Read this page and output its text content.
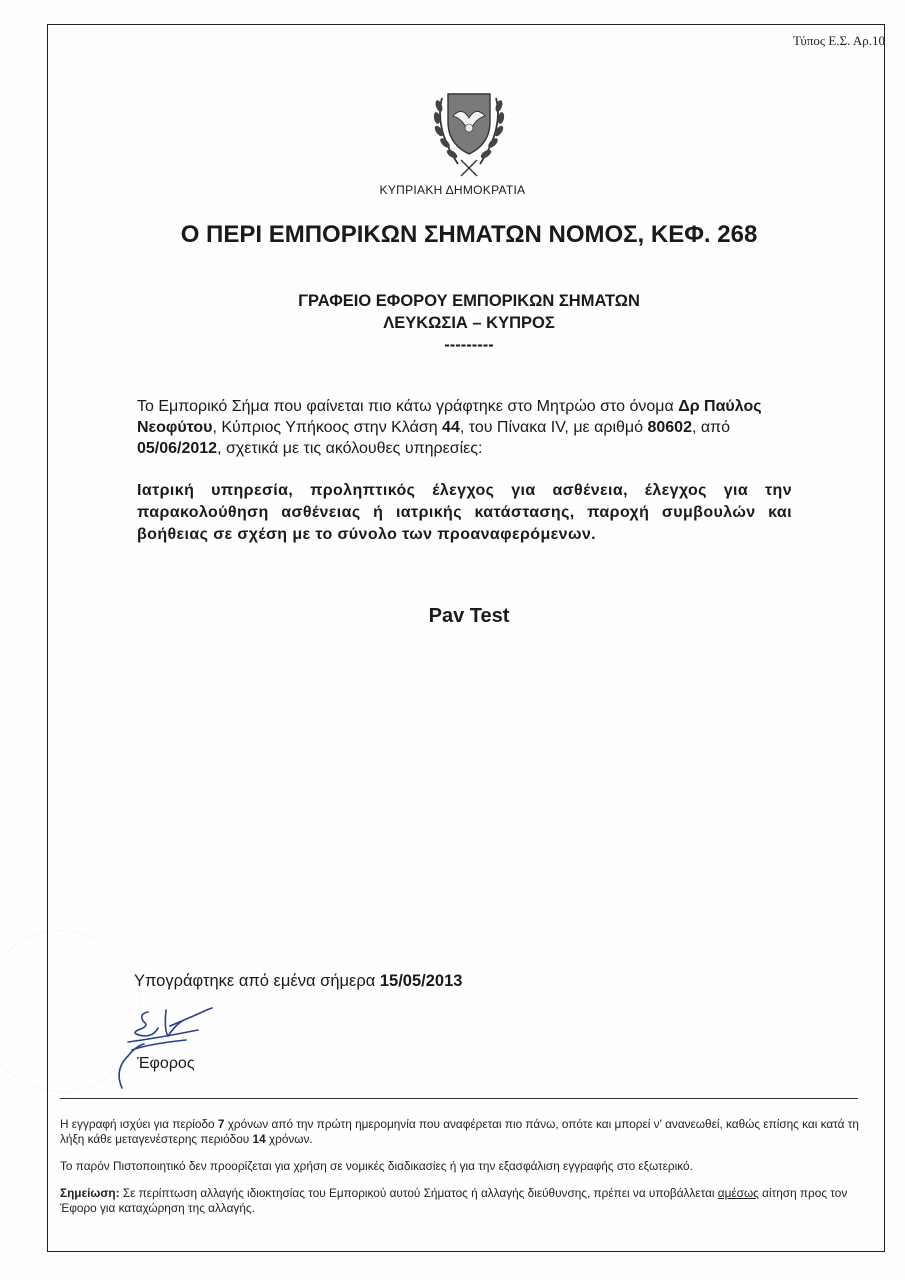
Τύπος Ε.Σ. Αρ.10
ΚΥΠΡΙΑΚΗ ΔΗΜΟΚΡΑΤΙΑ
Ο ΠΕΡΙ ΕΜΠΟΡΙΚΩΝ ΣΗΜΑΤΩΝ ΝΟΜΟΣ, ΚΕΦ. 268
ΓΡΑΦΕΙΟ ΕΦΟΡΟΥ ΕΜΠΟΡΙΚΩΝ ΣΗΜΑΤΩΝ
ΛΕΥΚΩΣΙΑ – ΚΥΠΡΟΣ
---------
Το Εμπορικό Σήμα που φαίνεται πιο κάτω γράφτηκε στο Μητρώο στο όνομα Δρ Παύλος Νεοφύτου, Κύπριος Υπήκοος στην Κλάση 44, του Πίνακα IV, με αριθμό 80602, από 05/06/2012, σχετικά με τις ακόλουθες υπηρεσίες:
Ιατρική υπηρεσία, προληπτικός έλεγχος για ασθένεια, έλεγχος για την παρακολούθηση ασθένειας ή ιατρικής κατάστασης, παροχή συμβουλών και βοήθειας σε σχέση με το σύνολο των προαναφερόμενων.
Pav Test
Υπογράφτηκε από εμένα σήμερα 15/05/2013
Έφορος

Η εγγραφή ισχύει για περίοδο 7 χρόνων από την πρώτη ημερομηνία που αναφέρεται πιο πάνω, οπότε και μπορεί ν' ανανεωθεί, καθώς επίσης και κατά τη λήξη κάθε μεταγενέστερης περιόδου 14 χρόνων.

Το παρόν Πιστοποιητικό δεν προορίζεται για χρήση σε νομικές διαδικασίες ή για την εξασφάλιση εγγραφής στο εξωτερικό.

Σημείωση: Σε περίπτωση αλλαγής ιδιοκτησίας του Εμπορικού αυτού Σήματος ή αλλαγής διεύθυνσης, πρέπει να υποβάλλεται αμέσως αίτηση προς τον Έφορο για καταχώρηση της αλλαγής.
